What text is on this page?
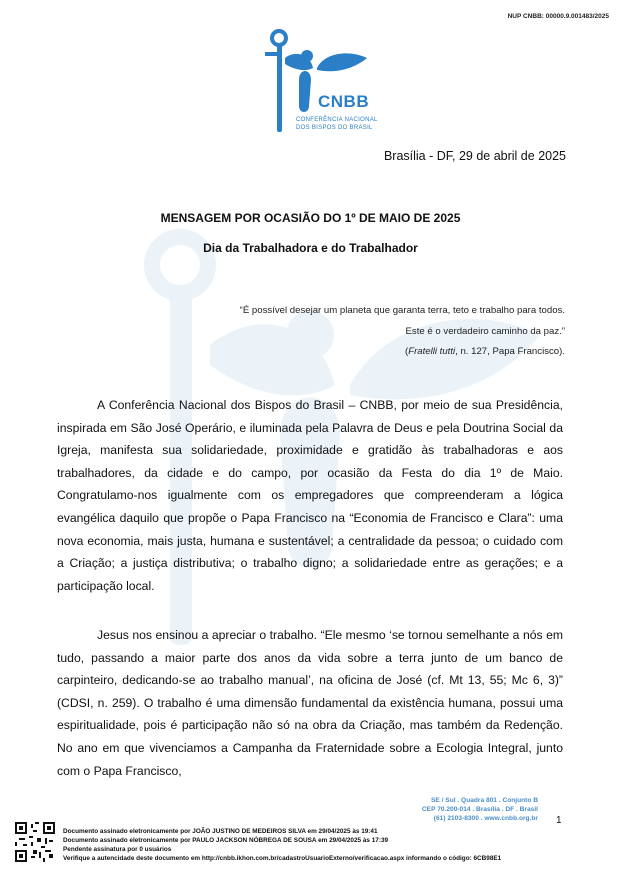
NUP CNBB: 00000.9.001483/2025
CNBB
CONFERÊNCIA NACIONAL
DOS BISPOS DO BRASIL
Brasília - DF, 29 de abril de 2025
MENSAGEM POR OCASIÃO DO 1º DE MAIO DE 2025
Dia da Trabalhadora e do Trabalhador
“É possível desejar um planeta que garanta terra, teto e trabalho para todos.
Este é o verdadeiro caminho da paz.”
(Fratelli tutti, n. 127, Papa Francisco).

A Conferência Nacional dos Bispos do Brasil – CNBB, por meio de sua Presidência, inspirada em São José Operário, e iluminada pela Palavra de Deus e pela Doutrina Social da Igreja, manifesta sua solidariedade, proximidade e gratidão às trabalhadoras e aos trabalhadores, da cidade e do campo, por ocasião da Festa do dia 1º de Maio. Congratulamo-nos igualmente com os empregadores que compreenderam a lógica evangélica daquilo que propõe o Papa Francisco na “Economia de Francisco e Clara”: uma nova economia, mais justa, humana e sustentável; a centralidade da pessoa; o cuidado com a Criação; a justiça distributiva; o trabalho digno; a solidariedade entre as gerações; e a participação local.

Jesus nos ensinou a apreciar o trabalho. “Ele mesmo ‘se tornou semelhante a nós em tudo, passando a maior parte dos anos da vida sobre a terra junto de um banco de carpinteiro, dedicando-se ao trabalho manual’, na oficina de José (cf. Mt 13, 55; Mc 6, 3)” (CDSI, n. 259). O trabalho é uma dimensão fundamental da existência humana, possui uma espiritualidade, pois é participação não só na obra da Criação, mas também da Redenção. No ano em que vivenciamos a Campanha da Fraternidade sobre a Ecologia Integral, junto com o Papa Francisco,

SE / Sul . Quadra 801 . Conjunto B
CEP 70.200-014 . Brasília . DF . Brasil
(61) 2103-8300 . www.cnbb.org.br 1
Documento assinado eletronicamente por JOÃO JUSTINO DE MEDEIROS SILVA em 29/04/2025 às 19:41
Documento assinado eletronicamente por PAULO JACKSON NÓBREGA DE SOUSA em 29/04/2025 às 17:39
Pendente assinatura por 0 usuários
Verifique a autencidade deste documento em http://cnbb.ikhon.com.br/cadastroUsuarioExterno/verificacao.aspx informando o código: 6CB98E1
